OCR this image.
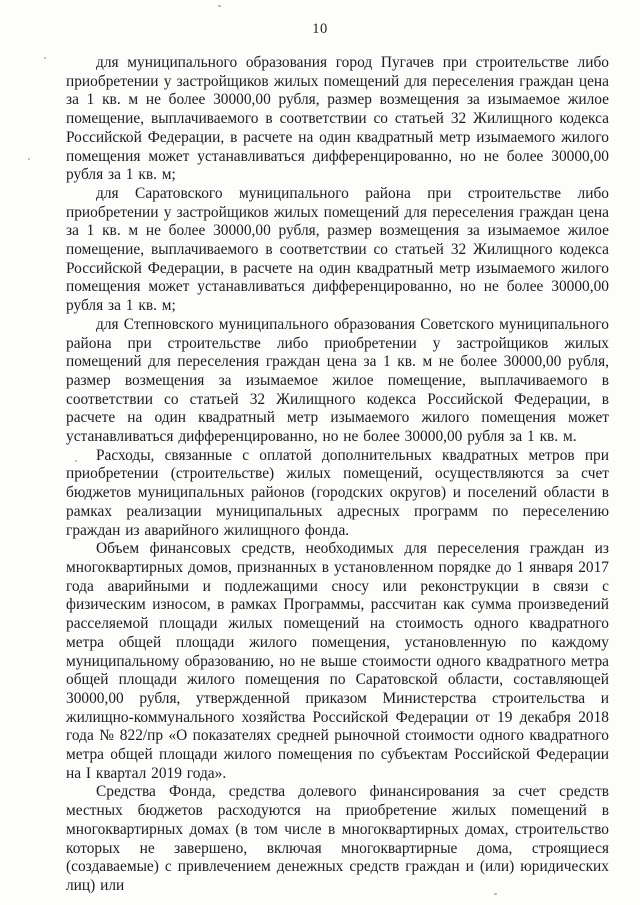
10

для муниципального образования город Пугачев при строительстве либо приобретении у застройщиков жилых помещений для переселения граждан цена за 1 кв. м не более 30000,00 рубля, размер возмещения за изымаемое жилое помещение, выплачиваемого в соответствии со статьей 32 Жилищного кодекса Российской Федерации, в расчете на один квадратный метр изымаемого жилого помещения может устанавливаться дифференцированно, но не более 30000,00 рубля за 1 кв. м;

для Саратовского муниципального района при строительстве либо приобретении у застройщиков жилых помещений для переселения граждан цена за 1 кв. м не более 30000,00 рубля, размер возмещения за изымаемое жилое помещение, выплачиваемого в соответствии со статьей 32 Жилищного кодекса Российской Федерации, в расчете на один квадратный метр изымаемого жилого помещения может устанавливаться дифференцированно, но не более 30000,00 рубля за 1 кв. м;

для Степновского муниципального образования Советского муниципального района при строительстве либо приобретении у застройщиков жилых помещений для переселения граждан цена за 1 кв. м не более 30000,00 рубля, размер возмещения за изымаемое жилое помещение, выплачиваемого в соответствии со статьей 32 Жилищного кодекса Российской Федерации, в расчете на один квадратный метр изымаемого жилого помещения может устанавливаться дифференцированно, но не более 30000,00 рубля за 1 кв. м.

Расходы, связанные с оплатой дополнительных квадратных метров при приобретении (строительстве) жилых помещений, осуществляются за счет бюджетов муниципальных районов (городских округов) и поселений области в рамках реализации муниципальных адресных программ по переселению граждан из аварийного жилищного фонда.

Объем финансовых средств, необходимых для переселения граждан из многоквартирных домов, признанных в установленном порядке до 1 января 2017 года аварийными и подлежащими сносу или реконструкции в связи с физическим износом, в рамках Программы, рассчитан как сумма произведений расселяемой площади жилых помещений на стоимость одного квадратного метра общей площади жилого помещения, установленную по каждому муниципальному образованию, но не выше стоимости одного квадратного метра общей площади жилого помещения по Саратовской области, составляющей 30000,00 рубля, утвержденной приказом Министерства строительства и жилищно-коммунального хозяйства Российской Федерации от 19 декабря 2018 года № 822/пр «О показателях средней рыночной стоимости одного квадратного метра общей площади жилого помещения по субъектам Российской Федерации на I квартал 2019 года».

Средства Фонда, средства долевого финансирования за счет средств местных бюджетов расходуются на приобретение жилых помещений в многоквартирных домах (в том числе в многоквартирных домах, строительство которых не завершено, включая многоквартирные дома, строящиеся (создаваемые) с привлечением денежных средств граждан и (или) юридических лиц) или
